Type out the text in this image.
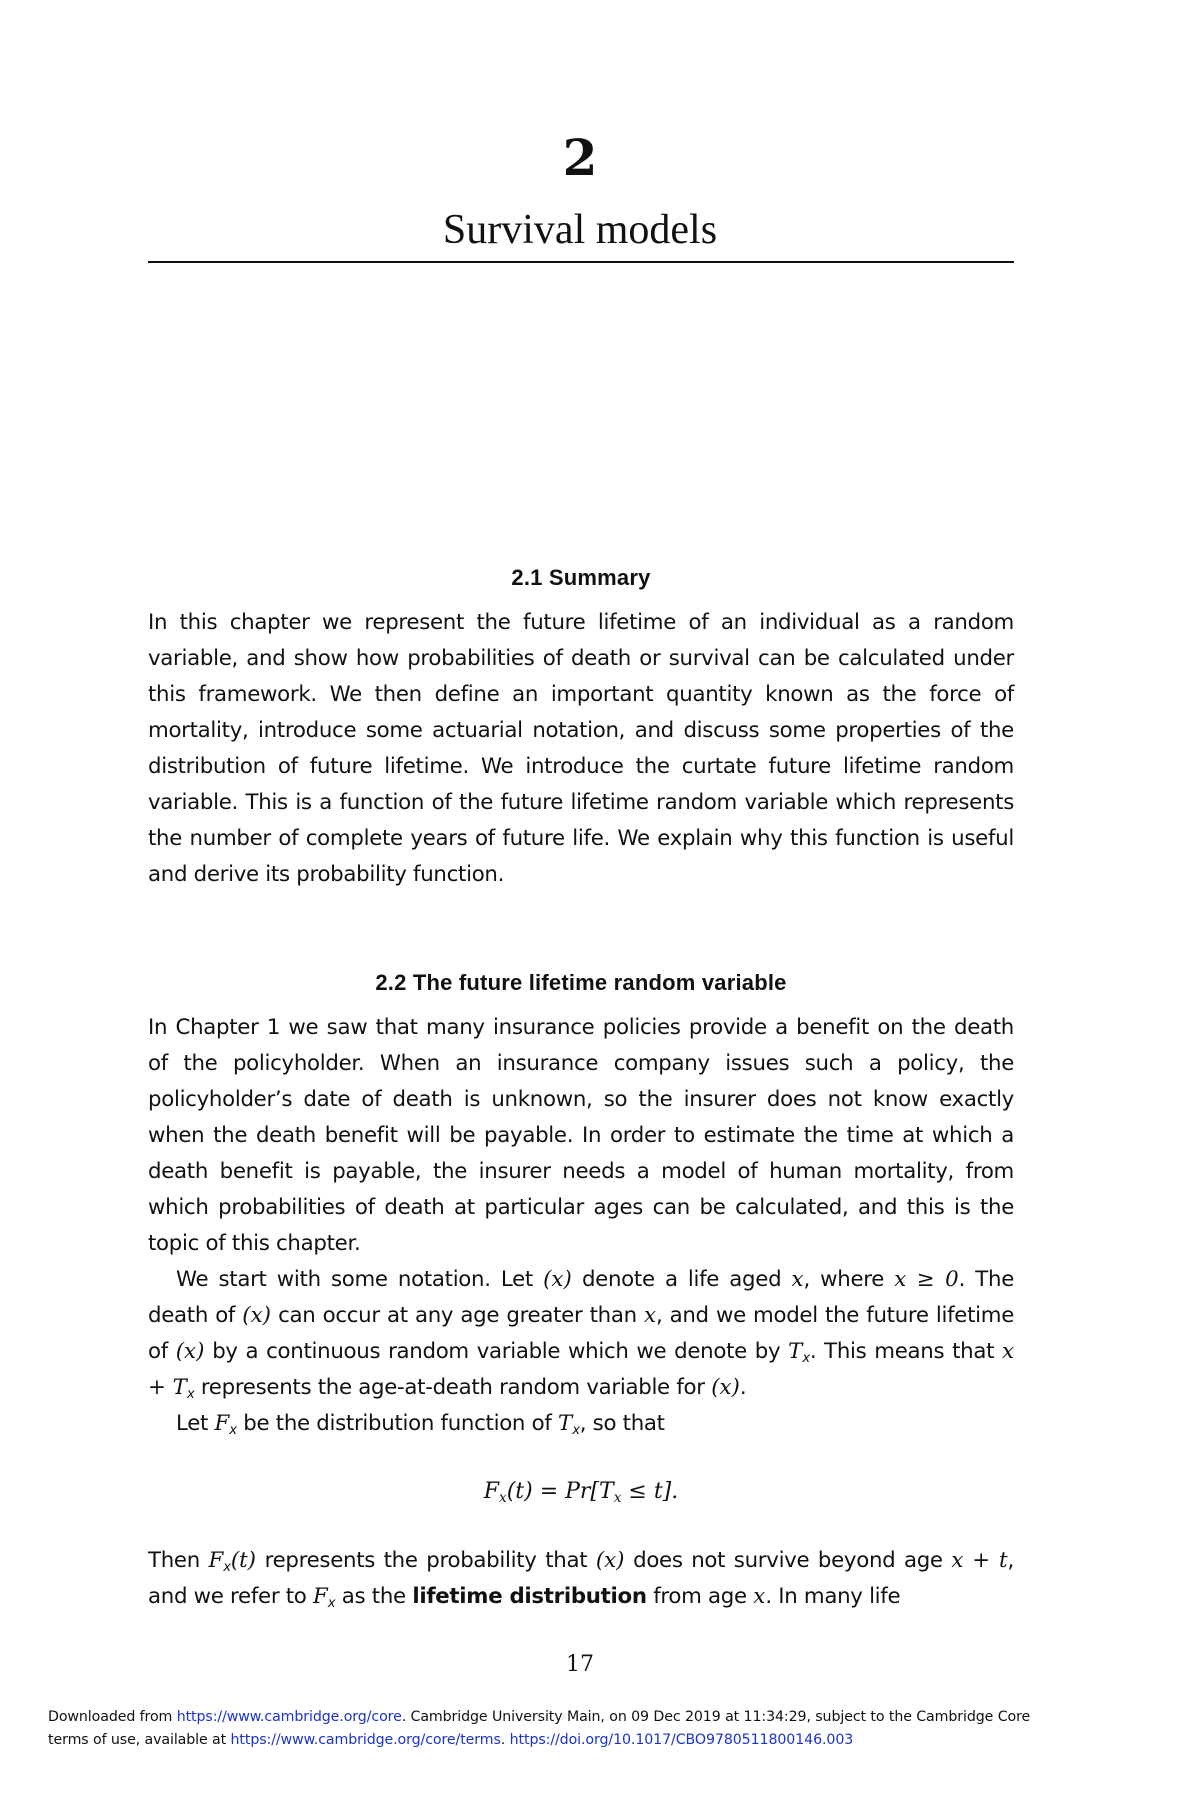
2
Survival models
2.1 Summary

In this chapter we represent the future lifetime of an individual as a random variable, and show how probabilities of death or survival can be calculated under this framework. We then define an important quantity known as the force of mortality, introduce some actuarial notation, and discuss some properties of the distribution of future lifetime. We introduce the curtate future lifetime random variable. This is a function of the future lifetime random variable which represents the number of complete years of future life. We explain why this function is useful and derive its probability function.

2.2 The future lifetime random variable

In Chapter 1 we saw that many insurance policies provide a benefit on the death of the policyholder. When an insurance company issues such a policy, the policyholder’s date of death is unknown, so the insurer does not know exactly when the death benefit will be payable. In order to estimate the time at which a death benefit is payable, the insurer needs a model of human mortality, from which probabilities of death at particular ages can be calculated, and this is the topic of this chapter.

We start with some notation. Let (x) denote a life aged x, where x ≥ 0. The death of (x) can occur at any age greater than x, and we model the future lifetime of (x) by a continuous random variable which we denote by $T_x$. This means that $x + T_x$ represents the age-at-death random variable for (x).

Let $F_x$ be the distribution function of $T_x$, so that

$F_x(t) = Pr[T_x \le t]$.

Then $F_x(t)$ represents the probability that (x) does not survive beyond age x + t, and we refer to $F_x$ as the lifetime distribution from age x. In many life

17
Downloaded from https://www.cambridge.org/core. Cambridge University Main, on 09 Dec 2019 at 11:34:29, subject to the Cambridge Core
terms of use, available at https://www.cambridge.org/core/terms. https://doi.org/10.1017/CBO9780511800146.003
